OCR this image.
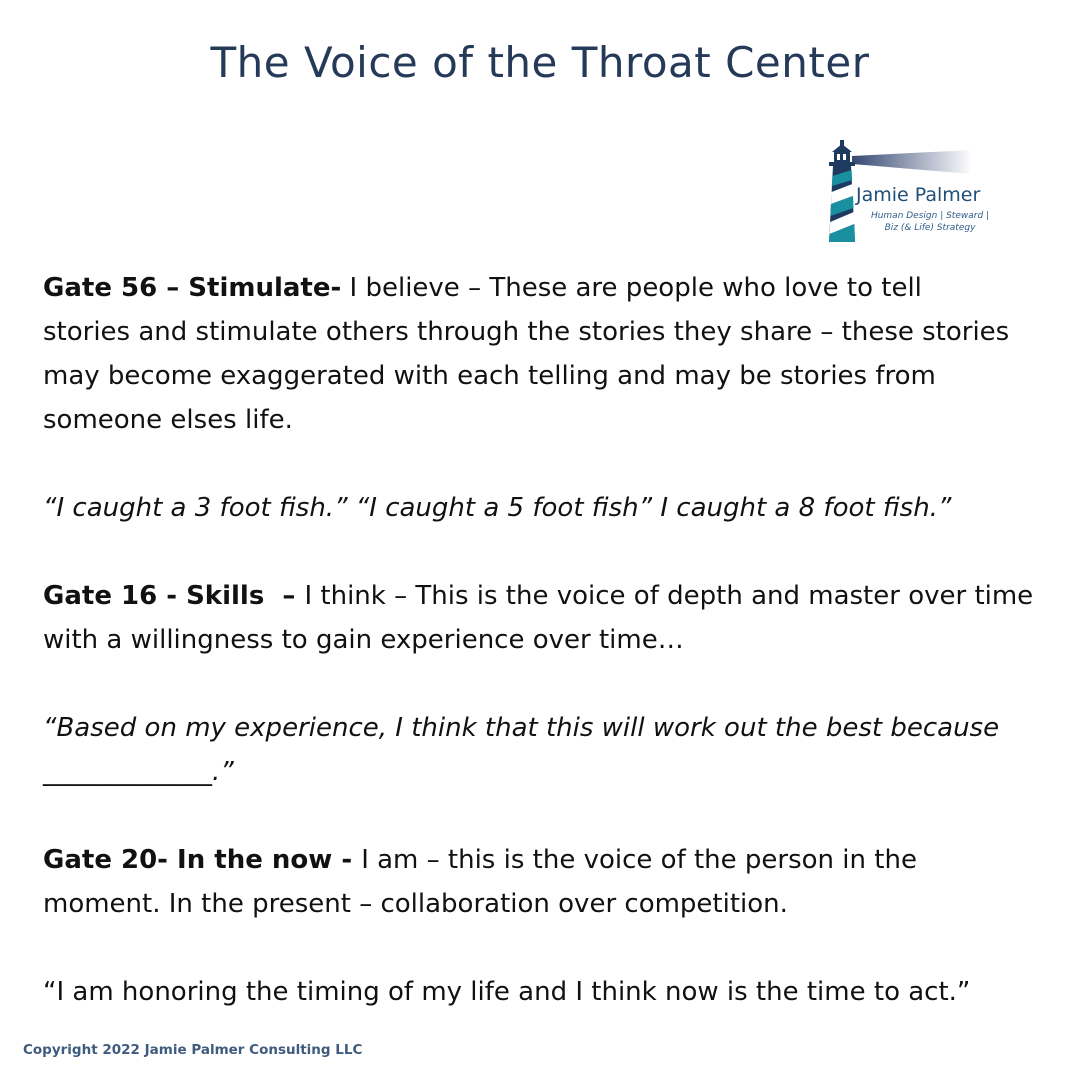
The Voice of the Throat Center
Jamie Palmer
Human Design | Steward |
Biz (& Life) Strategy

Gate 56 – Stimulate- I believe – These are people who love to tell

stories and stimulate others through the stories they share – these stories

may become exaggerated with each telling and may be stories from

someone elses life.

“I caught a 3 foot fish.” “I caught a 5 foot fish” I caught a 8 foot fish.”

Gate 16 - Skills  – I think – This is the voice of depth and master over time

with a willingness to gain experience over time…

“Based on my experience, I think that this will work out the best because

_____________.”

Gate 20- In the now - I am – this is the voice of the person in the

moment. In the present – collaboration over competition.

“I am honoring the timing of my life and I think now is the time to act.”

Copyright 2022 Jamie Palmer Consulting LLC
